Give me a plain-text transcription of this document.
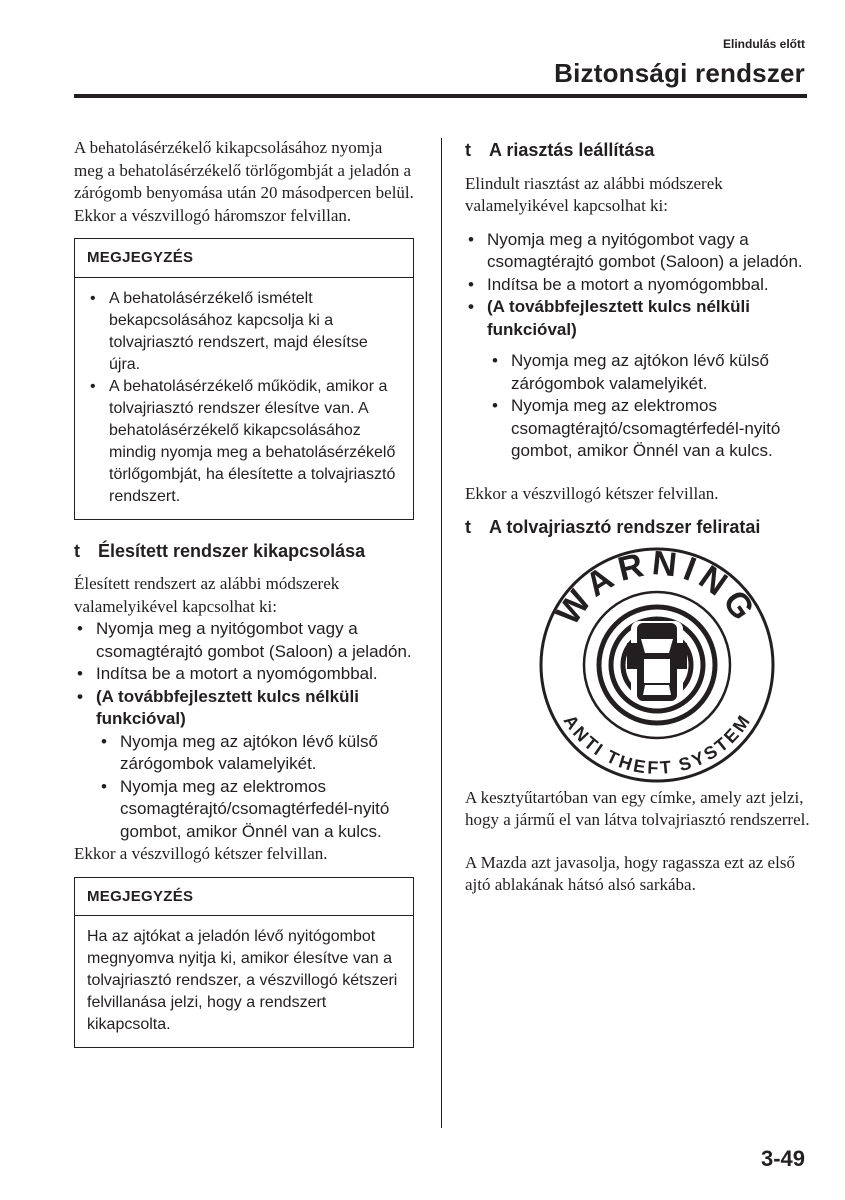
Elindulás előtt
Biztonsági rendszer

A behatolásérzékelő kikapcsolásához nyomja meg a behatolásérzékelő törlőgombját a jeladón a zárógomb benyomása után 20 másodpercen belül. Ekkor a vészvillogó háromszor felvillan.

MEGJEGYZÉS
• A behatolásérzékelő ismételt bekapcsolásához kapcsolja ki a tolvajriasztó rendszert, majd élesítse újra.
• A behatolásérzékelő működik, amikor a tolvajriasztó rendszer élesítve van. A behatolásérzékelő kikapcsolásához mindig nyomja meg a behatolásérzékelő törlőgombját, ha élesítette a tolvajriasztó rendszert.
t	Élesített rendszer kikapcsolása

Élesített rendszert az alábbi módszerek valamelyikével kapcsolhat ki:

• Nyomja meg a nyitógombot vagy a csomagtérajtó gombot (Saloon) a jeladón.
• Indítsa be a motort a nyomógombbal.
• (A továbbfejlesztett kulcs nélküli funkcióval)
• Nyomja meg az ajtókon lévő külső zárógombok valamelyikét.
• Nyomja meg az elektromos csomagtérajtó/csomagtérfedél-nyitó gombot, amikor Önnél van a kulcs.

Ekkor a vészvillogó kétszer felvillan.

MEGJEGYZÉS
Ha az ajtókat a jeladón lévő nyitógombot megnyomva nyitja ki, amikor élesítve van a tolvajriasztó rendszer, a vészvillogó kétszeri felvillanása jelzi, hogy a rendszert kikapcsolta.
t	A riasztás leállítása

Elindult riasztást az alábbi módszerek valamelyikével kapcsolhat ki:

• Nyomja meg a nyitógombot vagy a csomagtérajtó gombot (Saloon) a jeladón.
• Indítsa be a motort a nyomógombbal.
• (A továbbfejlesztett kulcs nélküli funkcióval)
• Nyomja meg az ajtókon lévő külső zárógombok valamelyikét.
• Nyomja meg az elektromos csomagtérajtó/csomagtérfedél-nyitó gombot, amikor Önnél van a kulcs.

Ekkor a vészvillogó kétszer felvillan.

t	A tolvajriasztó rendszer feliratai
WARNING
ANTI THEFT SYSTEM

A kesztyűtartóban van egy címke, amely azt jelzi, hogy a jármű el van látva tolvajriasztó rendszerrel.

A Mazda azt javasolja, hogy ragassza ezt az első ajtó ablakának hátsó alsó sarkába.

3-49
